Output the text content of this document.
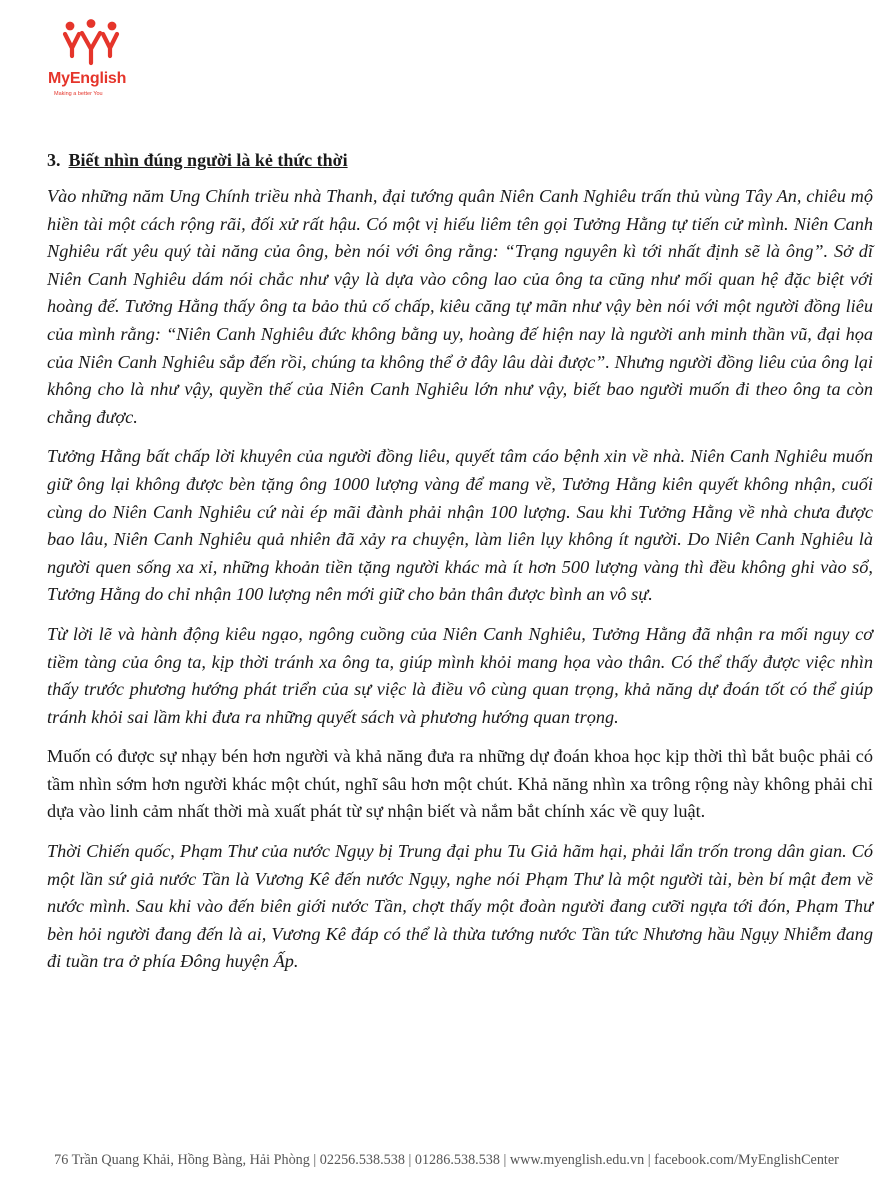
MyEnglish
Making a better You
3. Biết nhìn đúng người là kẻ thức thời

Vào những năm Ung Chính triều nhà Thanh, đại tướng quân Niên Canh Nghiêu trấn thủ vùng Tây An, chiêu mộ hiền tài một cách rộng rãi, đối xử rất hậu. Có một vị hiếu liêm tên gọi Tưởng Hằng tự tiến cử mình. Niên Canh Nghiêu rất yêu quý tài năng của ông, bèn nói với ông rằng: “Trạng nguyên kì tới nhất định sẽ là ông”. Sở dĩ Niên Canh Nghiêu dám nói chắc như vậy là dựa vào công lao của ông ta cũng như mối quan hệ đặc biệt với hoàng đế. Tưởng Hằng thấy ông ta bảo thủ cố chấp, kiêu căng tự mãn như vậy bèn nói với một người đồng liêu của mình rằng: “Niên Canh Nghiêu đức không bằng uy, hoàng đế hiện nay là người anh minh thần vũ, đại họa của Niên Canh Nghiêu sắp đến rồi, chúng ta không thể ở đây lâu dài được”. Nhưng người đồng liêu của ông lại không cho là như vậy, quyền thế của Niên Canh Nghiêu lớn như vậy, biết bao người muốn đi theo ông ta còn chẳng được.

Tưởng Hằng bất chấp lời khuyên của người đồng liêu, quyết tâm cáo bệnh xin về nhà. Niên Canh Nghiêu muốn giữ ông lại không được bèn tặng ông 1000 lượng vàng để mang về, Tưởng Hằng kiên quyết không nhận, cuối cùng do Niên Canh Nghiêu cứ nài ép mãi đành phải nhận 100 lượng. Sau khi Tưởng Hằng về nhà chưa được bao lâu, Niên Canh Nghiêu quả nhiên đã xảy ra chuyện, làm liên lụy không ít người. Do Niên Canh Nghiêu là người quen sống xa xỉ, những khoản tiền tặng người khác mà ít hơn 500 lượng vàng thì đều không ghi vào sổ, Tưởng Hằng do chỉ nhận 100 lượng nên mới giữ cho bản thân được bình an vô sự.

Từ lời lẽ và hành động kiêu ngạo, ngông cuồng của Niên Canh Nghiêu, Tưởng Hằng đã nhận ra mối nguy cơ tiềm tàng của ông ta, kịp thời tránh xa ông ta, giúp mình khỏi mang họa vào thân. Có thể thấy được việc nhìn thấy trước phương hướng phát triển của sự việc là điều vô cùng quan trọng, khả năng dự đoán tốt có thể giúp tránh khỏi sai lầm khi đưa ra những quyết sách và phương hướng quan trọng.

Muốn có được sự nhạy bén hơn người và khả năng đưa ra những dự đoán khoa học kịp thời thì bắt buộc phải có tầm nhìn sớm hơn người khác một chút, nghĩ sâu hơn một chút. Khả năng nhìn xa trông rộng này không phải chỉ dựa vào linh cảm nhất thời mà xuất phát từ sự nhận biết và nắm bắt chính xác về quy luật.

Thời Chiến quốc, Phạm Thư của nước Ngụy bị Trung đại phu Tu Giả hãm hại, phải lẩn trốn trong dân gian. Có một lần sứ giả nước Tần là Vương Kê đến nước Ngụy, nghe nói Phạm Thư là một người tài, bèn bí mật đem về nước mình. Sau khi vào đến biên giới nước Tần, chợt thấy một đoàn người đang cưỡi ngựa tới đón, Phạm Thư bèn hỏi người đang đến là ai, Vương Kê đáp có thể là thừa tướng nước Tần tức Nhương hầu Ngụy Nhiễm đang đi tuần tra ở phía Đông huyện Ấp.

76 Trần Quang Khải, Hồng Bàng, Hải Phòng | 02256.538.538 | 01286.538.538 | www.myenglish.edu.vn | facebook.com/MyEnglishCenter
